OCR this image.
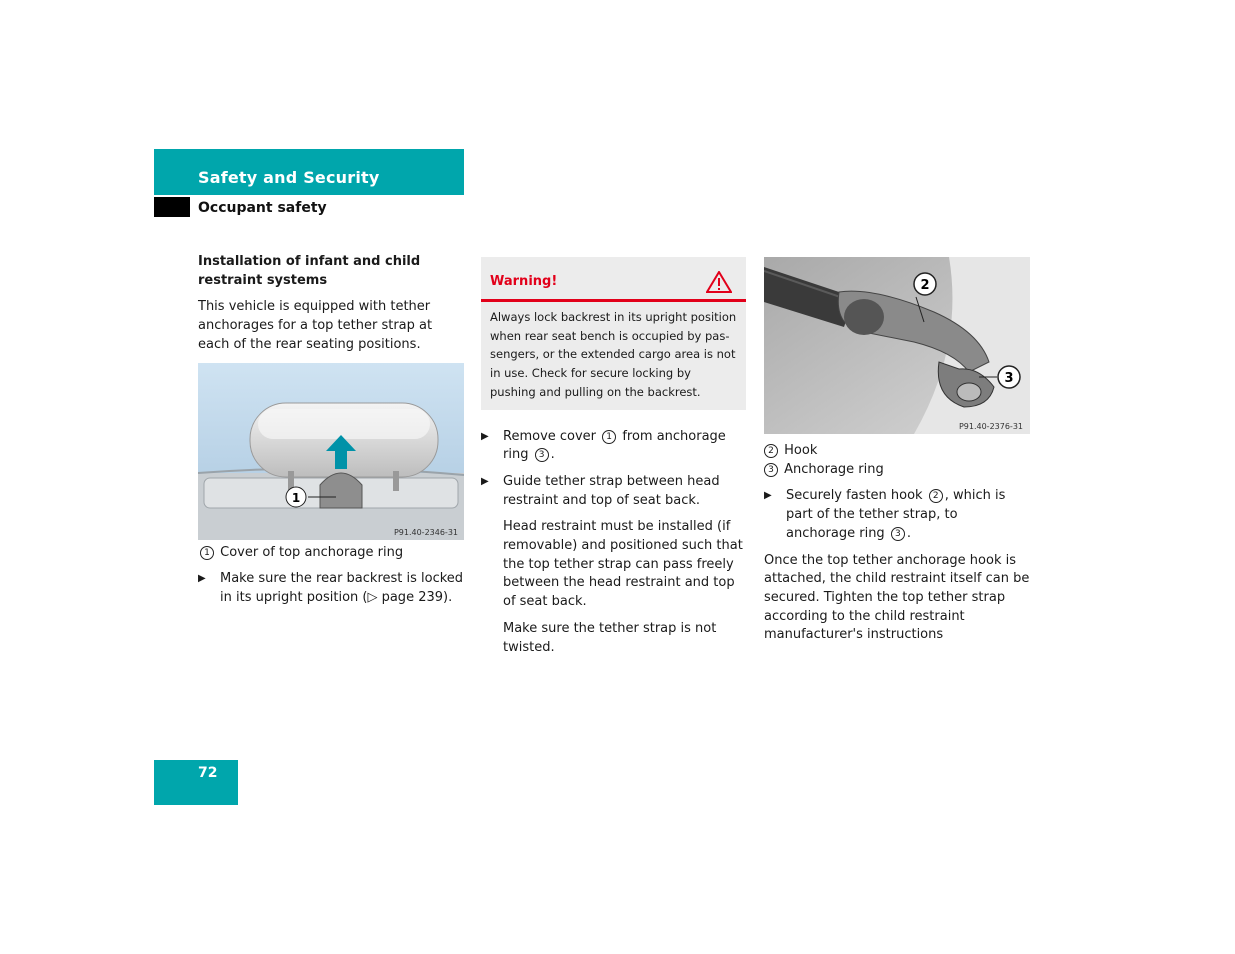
Safety and Security
Occupant safety
Installation of infant and child restraint systems

This vehicle is equipped with tether anchorages for a top tether strap at each of the rear seating positions.

1
P91.40-2346-31
1 Cover of top anchorage ring
▶ Make sure the rear backrest is locked in its upright position (▷ page 239).
Warning!
Always lock backrest in its upright position when rear seat bench is occupied by pas-sengers, or the extended cargo area is not in use. Check for secure locking by pushing and pulling on the backrest.
▶ Remove cover 1 from anchorage ring 3 .
▶ Guide tether strap between head restraint and top of seat back.

Head restraint must be installed (if removable) and positioned such that the top tether strap can pass freely between the head restraint and top of seat back.

Make sure the tether strap is not twisted.

2
3
P91.40-2376-31
2 Hook
3 Anchorage ring
▶ Securely fasten hook 2 , which is part of the tether strap, to anchorage ring 3 .

Once the top tether anchorage hook is attached, the child restraint itself can be secured. Tighten the top tether strap according to the child restraint manufacturer's instructions

72
